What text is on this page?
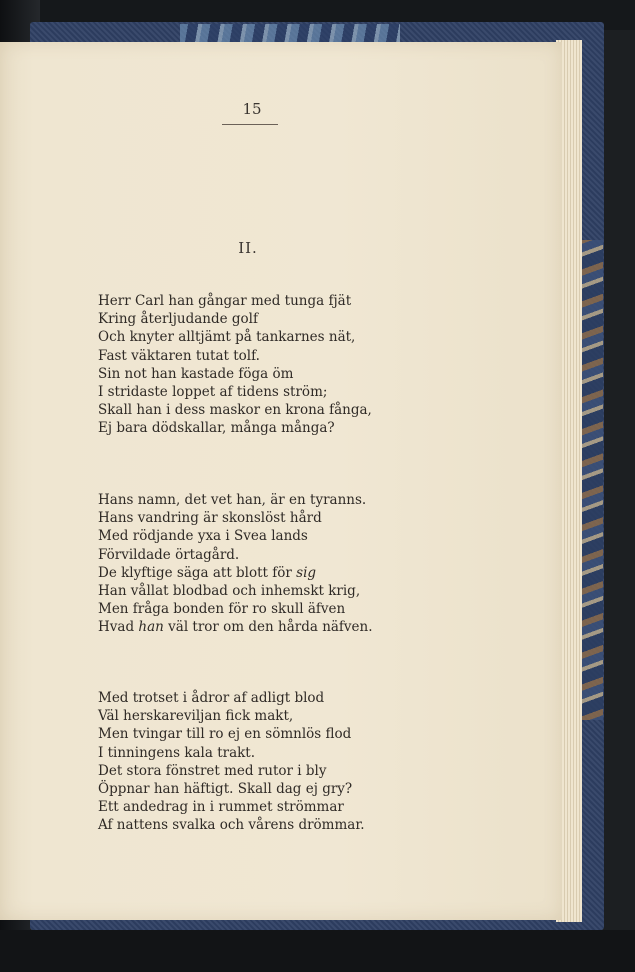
15
II.
Herr Carl han gångar med tunga fjät
Kring återljudande golf
Och knyter alltjämt på tankarnes nät,
Fast väktaren tutat tolf.
Sin not han kastade föga öm
I stridaste loppet af tidens ström;
Skall han i dess maskor en krona fånga,
Ej bara dödskallar, många många?
Hans namn, det vet han, är en tyranns.
Hans vandring är skonslöst hård
Med rödjande yxa i Svea lands
Förvildade örtagård.
De klyftige säga att blott för sig
Han vållat blodbad och inhemskt krig,
Men fråga bonden för ro skull äfven
Hvad han väl tror om den hårda näfven.
Med trotset i ådror af adligt blod
Väl herskareviljan fick makt,
Men tvingar till ro ej en sömnlös flod
I tinningens kala trakt.
Det stora fönstret med rutor i bly
Öppnar han häftigt. Skall dag ej gry?
Ett andedrag in i rummet strömmar
Af nattens svalka och vårens drömmar.
